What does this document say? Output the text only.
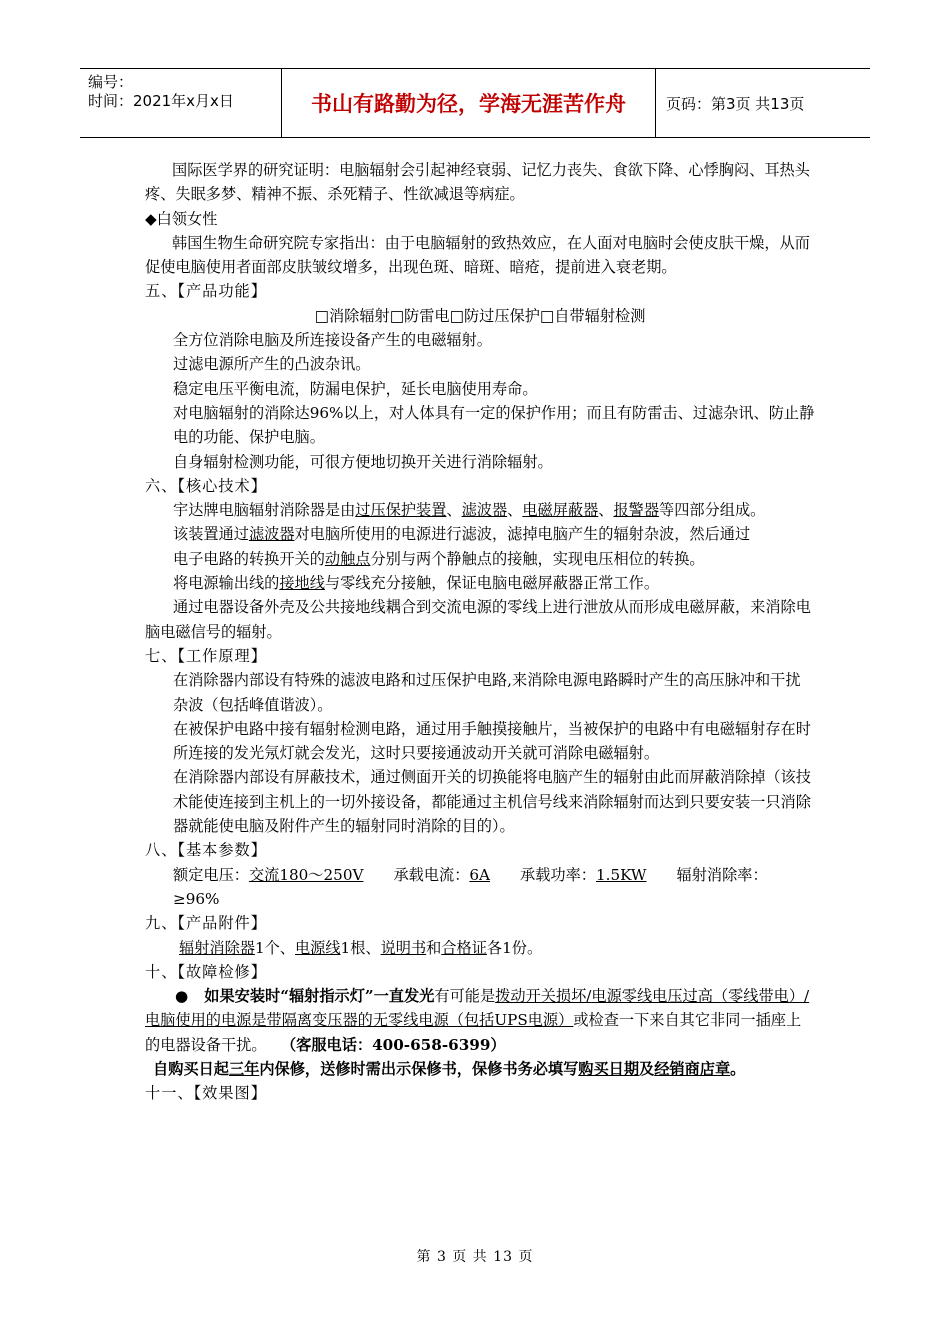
编号：
时间：2021年x月x日	书山有路勤为径，学海无涯苦作舟	页码：第3页 共13页

国际医学界的研究证明：电脑辐射会引起神经衰弱、记忆力丧失、食欲下降、心悸胸闷、耳热头疼、失眠多梦、精神不振、杀死精子、性欲减退等病症。

◆白领女性

韩国生物生命研究院专家指出：由于电脑辐射的致热效应，在人面对电脑时会使皮肤干燥，从而促使电脑使用者面部皮肤皱纹增多，出现色斑、暗斑、暗疮，提前进入衰老期。

五、【产品功能】

□消除辐射□防雷电□防过压保护□自带辐射检测

全方位消除电脑及所连接设备产生的电磁辐射。

过滤电源所产生的凸波杂讯。

稳定电压平衡电流，防漏电保护，延长电脑使用寿命。

对电脑辐射的消除达96%以上，对人体具有一定的保护作用；而且有防雷击、过滤杂讯、防止静电的功能、保护电脑。

自身辐射检测功能，可很方便地切换开关进行消除辐射。

六、【核心技术】

宇达牌电脑辐射消除器是由过压保护装置、滤波器、电磁屏蔽器、报警器等四部分组成。

该装置通过滤波器对电脑所使用的电源进行滤波，滤掉电脑产生的辐射杂波，然后通过

电子电路的转换开关的动触点分别与两个静触点的接触，实现电压相位的转换。

将电源输出线的接地线与零线充分接触，保证电脑电磁屏蔽器正常工作。

通过电器设备外壳及公共接地线耦合到交流电源的零线上进行泄放从而形成电磁屏蔽，来消除电脑电磁信号的辐射。

七、【工作原理】

在消除器内部设有特殊的滤波电路和过压保护电路,来消除电源电路瞬时产生的高压脉冲和干扰杂波（包括峰值谐波）。

在被保护电路中接有辐射检测电路，通过用手触摸接触片，当被保护的电路中有电磁辐射存在时所连接的发光氖灯就会发光，这时只要接通波动开关就可消除电磁辐射。

在消除器内部设有屏蔽技术，通过侧面开关的切换能将电脑产生的辐射由此而屏蔽消除掉（该技术能使连接到主机上的一切外接设备，都能通过主机信号线来消除辐射而达到只要安装一只消除器就能使电脑及附件产生的辐射同时消除的目的）。

八、【基本参数】

额定电压：交流180～250V 承载电流：6A 承载功率：1.5KW 辐射消除率：

≥96%

九、【产品附件】

辐射消除器1个、电源线1根、说明书和合格证各1份。

十、【故障检修】

● 如果安装时“辐射指示灯”一直发光有可能是拨动开关损坏/电源零线电压过高（零线带电）/电脑使用的电源是带隔离变压器的无零线电源（包括UPS电源）或检查一下来自其它非同一插座上的电器设备干扰。 （客服电话：400-658-6399）

自购买日起三年内保修，送修时需出示保修书，保修书务必填写购买日期及经销商店章。

十一、【效果图】

第 3 页 共 13 页
